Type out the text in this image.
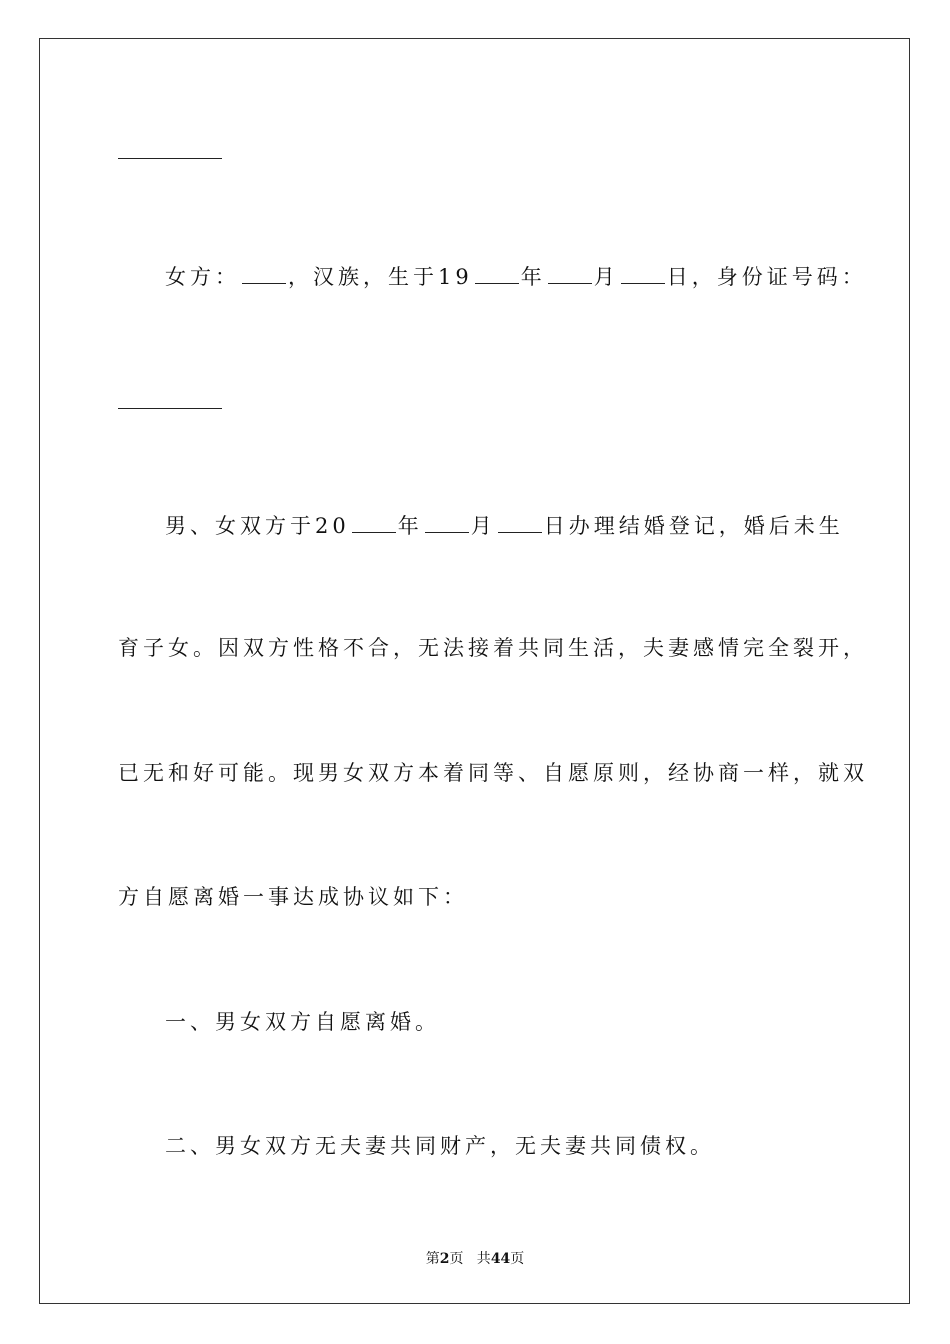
女方： ，汉族，生于19 年 月 日，身份证号码：
男、女双方于20 年 月 日办理结婚登记，婚后未生
育子女。因双方性格不合，无法接着共同生活，夫妻感情完全裂开，
已无和好可能。现男女双方本着同等、自愿原则，经协商一样，就双
方自愿离婚一事达成协议如下：
一、男女双方自愿离婚。
二、男女双方无夫妻共同财产，无夫妻共同债权。
第2页   共44页
